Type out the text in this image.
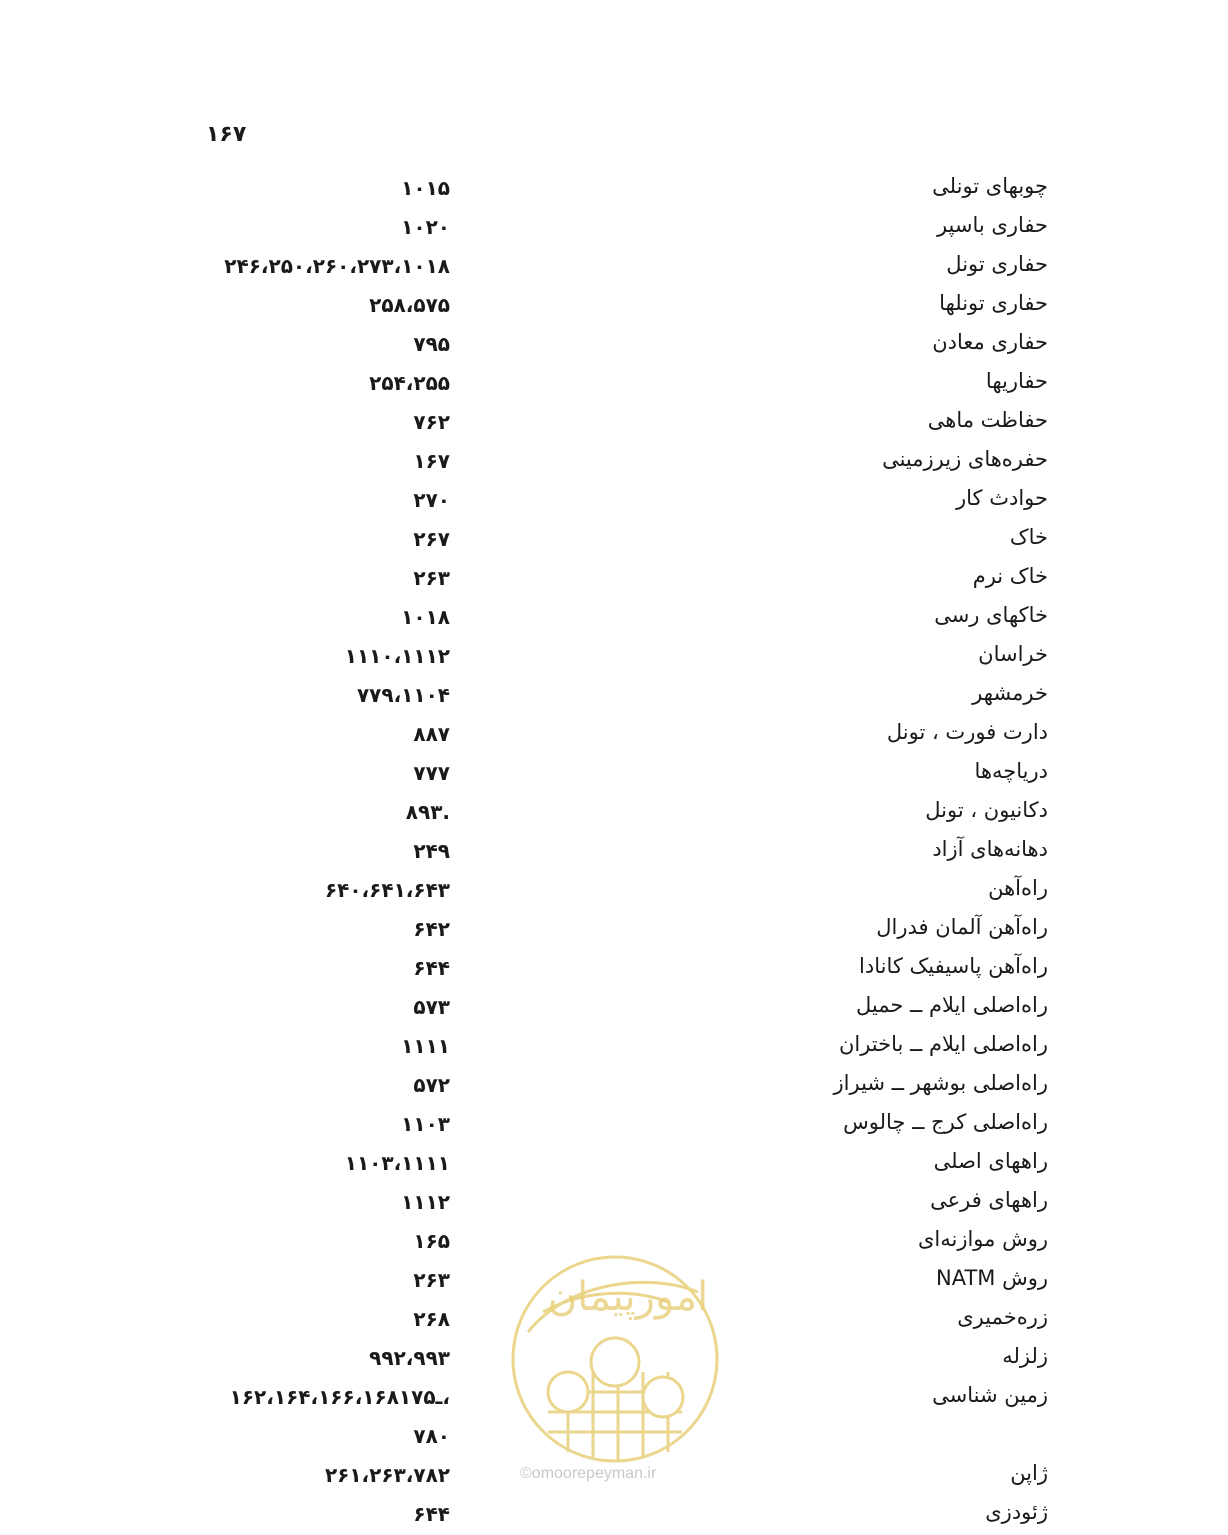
۱۶۷
چوبهای تونلی
۱۰۱۵
حفاری باسپر
۱۰۲۰
حفاری تونل
۲۴۶،۲۵۰،۲۶۰،۲۷۳،۱۰۱۸
حفاری تونلها
۲۵۸،۵۷۵
حفاری معادن
۷۹۵
حفاریها
۲۵۴،۲۵۵
حفاظت ماهی
۷۶۲
حفره‌های زیرزمینی
۱۶۷
حوادث کار
۲۷۰
خاک
۲۶۷
خاک نرم
۲۶۳
خاکهای رسی
۱۰۱۸
خراسان
۱۱۱۰،۱۱۱۲
خرمشهر
۷۷۹،۱۱۰۴
دارت فورت ، تونل
۸۸۷
دریاچه‌ها
۷۷۷
دکانیون ، تونل
۸۹۳.
دهانه‌های آزاد
۲۴۹
راه‌آهن
۶۴۰،۶۴۱،۶۴۳
راه‌آهن آلمان فدرال
۶۴۲
راه‌آهن پاسیفیک کانادا
۶۴۴
راه‌اصلی ایلام ــ حمیل
۵۷۳
راه‌اصلی ایلام ــ باختران
۱۱۱۱
راه‌اصلی بوشهر ــ شیراز
۵۷۲
راه‌اصلی کرج ــ چالوس
۱۱۰۳
راههای اصلی
۱۱۰۳،۱۱۱۱
راههای فرعی
۱۱۱۲
روش موازنه‌ای
۱۶۵
روش NATM
۲۶۳
زره‌خمیری
۲۶۸
زلزله
۹۹۲،۹۹۳
زمین شناسی
۱۶۲،۱۶۴،۱۶۶،۱۶۸ـ۱۷۵،
۷۸۰
ژاپن
۲۶۱،۲۶۳،۷۸۲
ژئودزی
۶۴۴
امورپیمان
©omoorepeyman.ir
